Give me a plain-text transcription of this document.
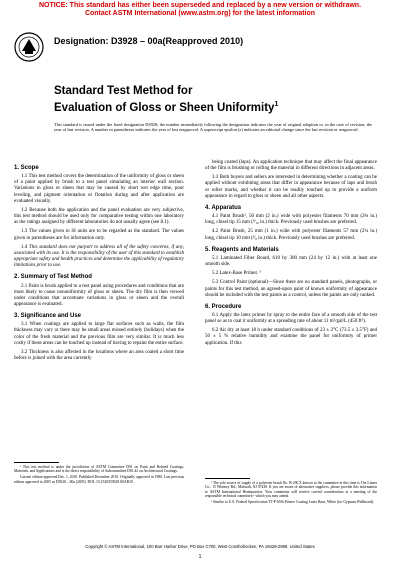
NOTICE: This standard has either been superseded and replaced by a new version or withdrawn.
Contact ASTM International (www.astm.org) for the latest information
Designation: D3928 – 00a(Reapproved 2010)
Standard Test Method for
Evaluation of Gloss or Sheen Uniformity$^1$
This standard is issued under the fixed designation D3928; the number immediately following the designation indicates the year of original adoption or, in the case of revision, the year of last revision. A number in parentheses indicates the year of last reapproval. A superscript epsilon (ε) indicates an editorial change since the last revision or reapproval.
1. Scope

1.1 This test method covers the determination of the uniformity of gloss or sheen of a paint applied by brush to a test panel simulating an interior wall section. Variations in gloss or sheen that may be caused by short wet edge time, poor leveling, and pigment orientation or flotation during and after application are evaluated visually.

1.2 Because both the application and the panel evaluation are very subjective, this test method should be used only for comparative testing within one laboratory as the ratings assigned by different laboratories do not usually agree (see 8.1).

1.3 The values given in SI units are to be regarded as the standard. The values given in parentheses are for information only.

1.4 This standard does not purport to address all of the safety concerns, if any, associated with its use. It is the responsibility of the user of this standard to establish appropriate safety and health practices and determine the applicability of regulatory limitations prior to use.

2. Summary of Test Method

2.1 Paint is brush applied to a test panel using procedures and conditions that are most likely to cause nonuniformity of gloss or sheen. The dry film is then viewed under conditions that accentuate variations in gloss or sheen and the overall appearance is evaluated.

3. Significance and Use

3.1 When coatings are applied to large flat surfaces such as walls, the film thickness may vary or there may be small areas missed entirely (holidays) when the color of the fresh material and the previous film are very similar. It is much less costly if these areas can be touched up instead of having to repaint the entire surface.

3.2 Thickness is also affected in the locations where an area coated a short time before is joined with the area currently

being coated (laps). An application technique that may affect the final appearance of the film is brushing or rolling the material in different directions in adjacent areas.

3.3 Both buyers and sellers are interested in determining whether a coating can be applied without exhibiting areas that differ in appearance because of laps and brush or roller marks, and whether it can be readily touched up to provide a uniform appearance in regard to gloss or sheen and all other aspects.

4. Apparatus

4.1 Paint Brush², 50 mm (2 in.) wide with polyester filaments 70 mm (2¾ in.) long, chisel tip 15 mm (⁹⁄₁₆ in.) thick. Previously used brushes are preferred.

4.2 Paint Brush, 25 mm (1 in.) wide with polyester filaments 57 mm (2¼ in.) long, chisel tip 10 mm (³⁄₈ in.) thick. Previously used brushes are preferred.

5. Reagents and Materials

5.1 Laminated Fiber Board, 610 by 300 mm (24 by 12 in.) with at least one smooth side.

5.2 Latex-Base Primer. ³

5.3 Control Paint (optional)—Since there are no standard panels, photographs, or paints for this test method, an agreed-upon paint of known uniformity of appearance should be included with the test paints as a control, unless the paints are only ranked.

6. Procedure

6.1 Apply the latex primer by spray to the entire face of a smooth side of the test panel so as to coat it uniformly at a spreading rate of about 11 m²/gal/L (450 ft²).

6.2 Air dry at least 18 h under standard conditions of 23 ± 2°C (73.5 ± 3.5°F) and 50 ± 5 % relative humidity and examine the panel for uniformity of primer application. If this

¹ This test method is under the jurisdiction of ASTM Committee D01 on Paint and Related Coatings, Materials, and Applications and is the direct responsibility of Subcommittee D01.42 on Architectural Coatings.

Current edition approved Dec. 1, 2010. Published December 2010. Originally approved in 1980. Last previous edition approved in 2005 as D3928 – 00a (2005). DOI: 10.1520/D3928-00AR10.	² The sole source of supply of a polyester brush No. B-29CX known to the committee at this time is The Linzer Co., 15 Whitney Rd., Mahwah, NJ 07430. If you are aware of alternative suppliers, please provide this information to ASTM International Headquarters. Your comments will receive careful consideration at a meeting of the responsible technical committee,¹ which you may attend.

³ Similar to U.S. Federal Specification TT-P-650c Primer Coating Latex Base, White (for Gypsum Wallboard).

Copyright © ASTM International, 100 Barr Harbor Drive, PO Box C700, West Conshohocken, PA 19428-2959. United States
1
